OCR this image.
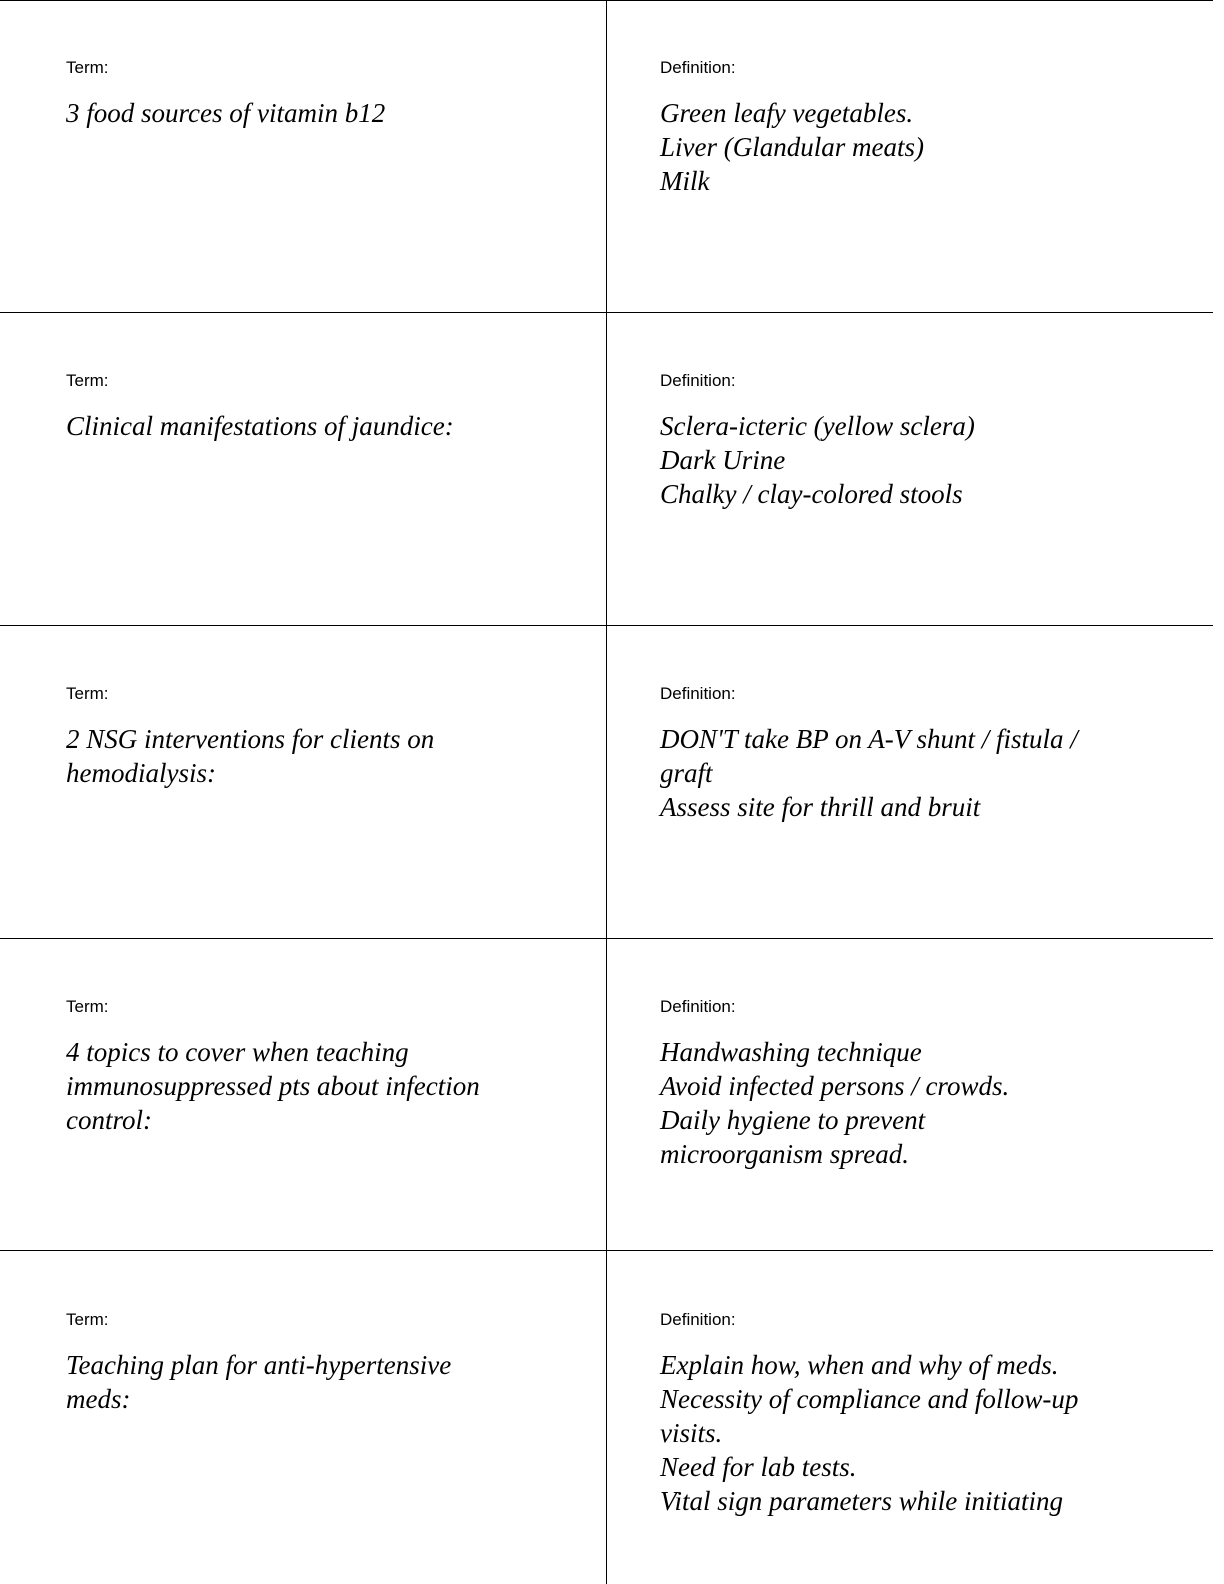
Term:
3 food sources of vitamin b12
Definition:
Green leafy vegetables.
Liver (Glandular meats)
Milk
Term:
Clinical manifestations of jaundice:
Definition:
Sclera-icteric (yellow sclera)
Dark Urine
Chalky / clay-colored stools
Term:
2 NSG interventions for clients on
hemodialysis:
Definition:
DON'T take BP on A-V shunt / fistula /
graft
Assess site for thrill and bruit
Term:
4 topics to cover when teaching
immunosuppressed pts about infection
control:
Definition:
Handwashing technique
Avoid infected persons / crowds.
Daily hygiene to prevent
microorganism spread.
Term:
Teaching plan for anti-hypertensive
meds:
Definition:
Explain how, when and why of meds.
Necessity of compliance and follow-up
visits.
Need for lab tests.
Vital sign parameters while initiating
